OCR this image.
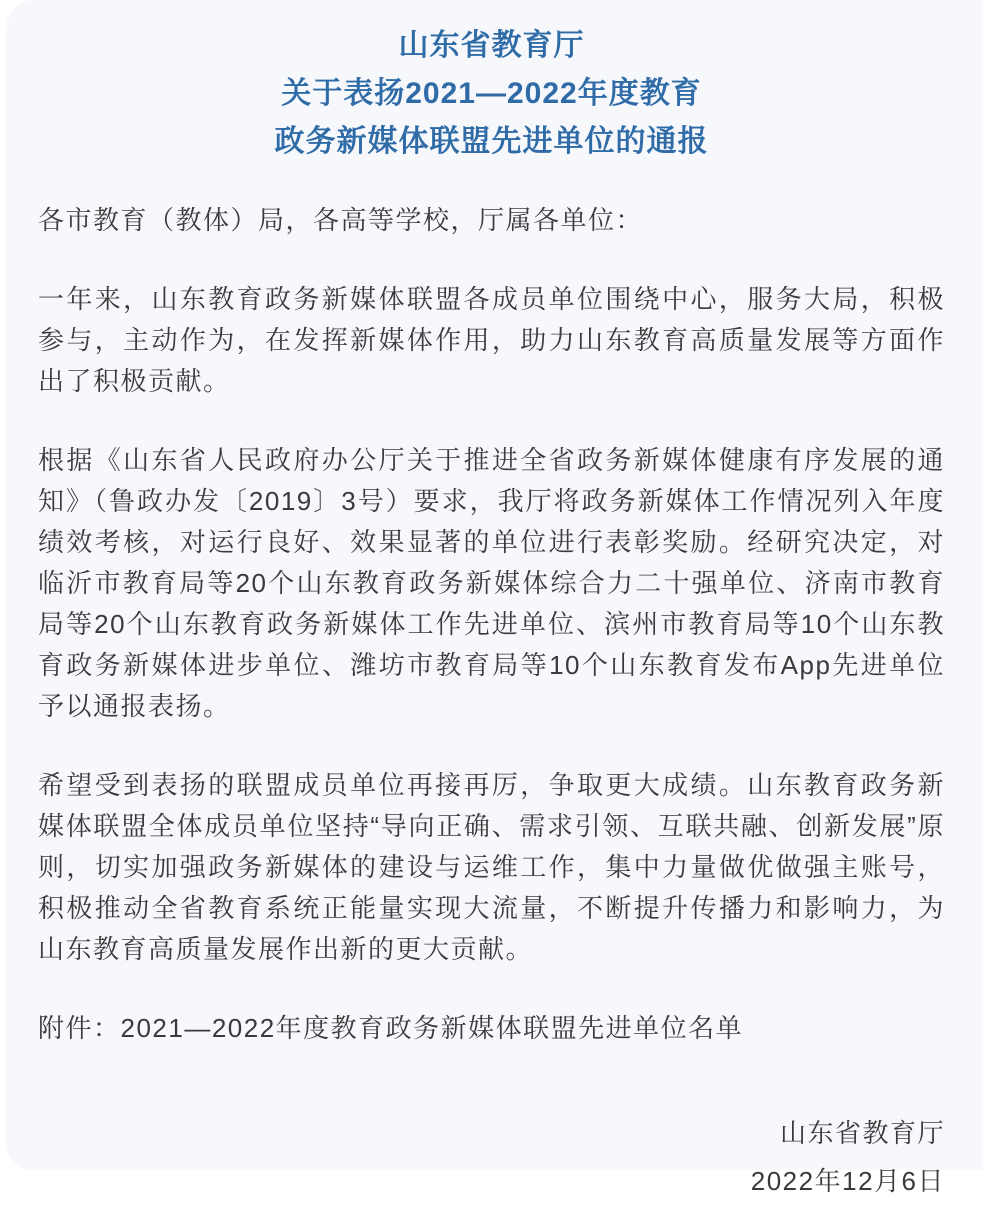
山东省教育厅
关于表扬2021—2022年度教育
政务新媒体联盟先进单位的通报

各市教育（教体）局，各高等学校，厅属各单位：

一年来，山东教育政务新媒体联盟各成员单位围绕中心，服务大局，积极参与，主动作为，在发挥新媒体作用，助力山东教育高质量发展等方面作出了积极贡献。

根据《山东省人民政府办公厅关于推进全省政务新媒体健康有序发展的通知》（鲁政办发〔2019〕3号）要求，我厅将政务新媒体工作情况列入年度绩效考核，对运行良好、效果显著的单位进行表彰奖励。经研究决定，对临沂市教育局等20个山东教育政务新媒体综合力二十强单位、济南市教育局等20个山东教育政务新媒体工作先进单位、滨州市教育局等10个山东教育政务新媒体进步单位、潍坊市教育局等10个山东教育发布App先进单位予以通报表扬。

希望受到表扬的联盟成员单位再接再厉，争取更大成绩。山东教育政务新媒体联盟全体成员单位坚持“导向正确、需求引领、互联共融、创新发展”原则，切实加强政务新媒体的建设与运维工作，集中力量做优做强主账号，积极推动全省教育系统正能量实现大流量，不断提升传播力和影响力，为山东教育高质量发展作出新的更大贡献。

附件：2021—2022年度教育政务新媒体联盟先进单位名单

山东省教育厅
2022年12月6日
